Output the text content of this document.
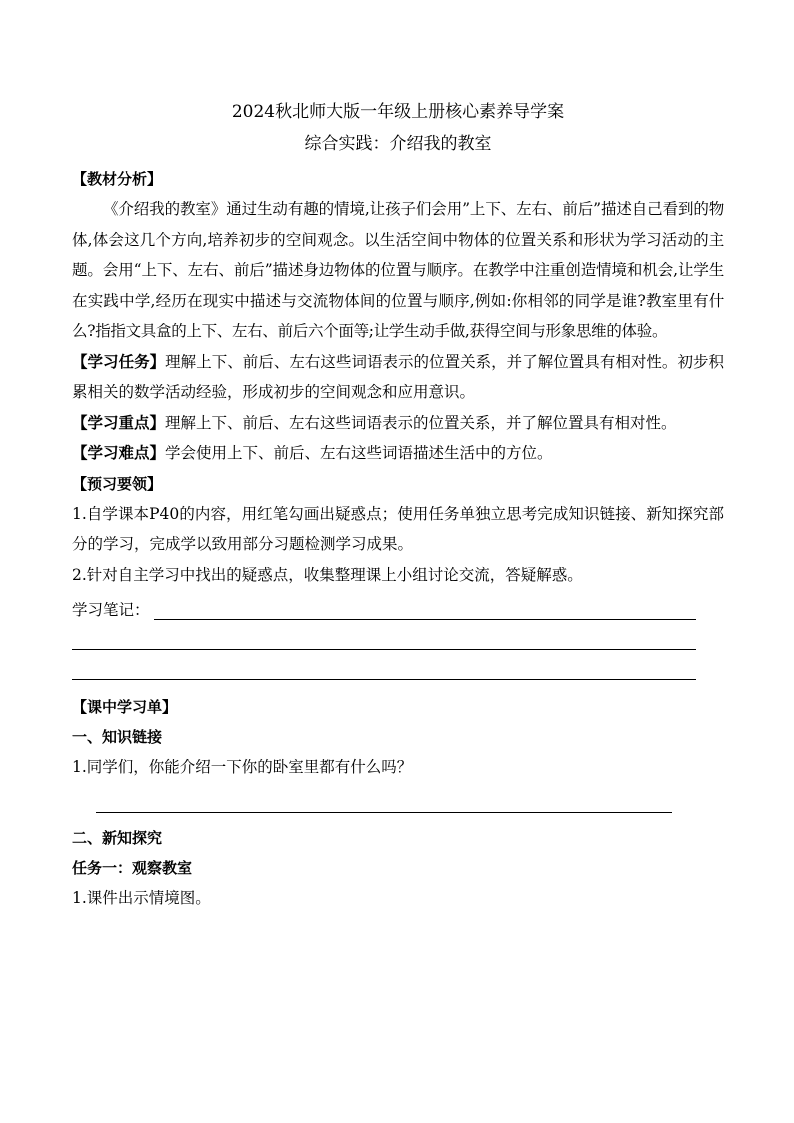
2024秋北师大版一年级上册核心素养导学案
综合实践：介绍我的教室
【教材分析】
《介绍我的教室》通过生动有趣的情境,让孩子们会用”上下、左右、前后”描述自己看到的物体,体会这几个方向,培养初步的空间观念。以生活空间中物体的位置关系和形状为学习活动的主题。会用“上下、左右、前后”描述身边物体的位置与顺序。在教学中注重创造情境和机会,让学生在实践中学,经历在现实中描述与交流物体间的位置与顺序,例如:你相邻的同学是谁?教室里有什么?指指文具盒的上下、左右、前后六个面等;让学生动手做,获得空间与形象思维的体验。
【学习任务】理解上下、前后、左右这些词语表示的位置关系，并了解位置具有相对性。初步积累相关的数学活动经验，形成初步的空间观念和应用意识。
【学习重点】理解上下、前后、左右这些词语表示的位置关系，并了解位置具有相对性。
【学习难点】学会使用上下、前后、左右这些词语描述生活中的方位。
【预习要领】
1.自学课本P40的内容，用红笔勾画出疑惑点；使用任务单独立思考完成知识链接、新知探究部分的学习，完成学以致用部分习题检测学习成果。
2.针对自主学习中找出的疑惑点，收集整理课上小组讨论交流，答疑解惑。
学习笔记：
【课中学习单】
一、知识链接
1.同学们，你能介绍一下你的卧室里都有什么吗？
二、新知探究
任务一：观察教室
1.课件出示情境图。
